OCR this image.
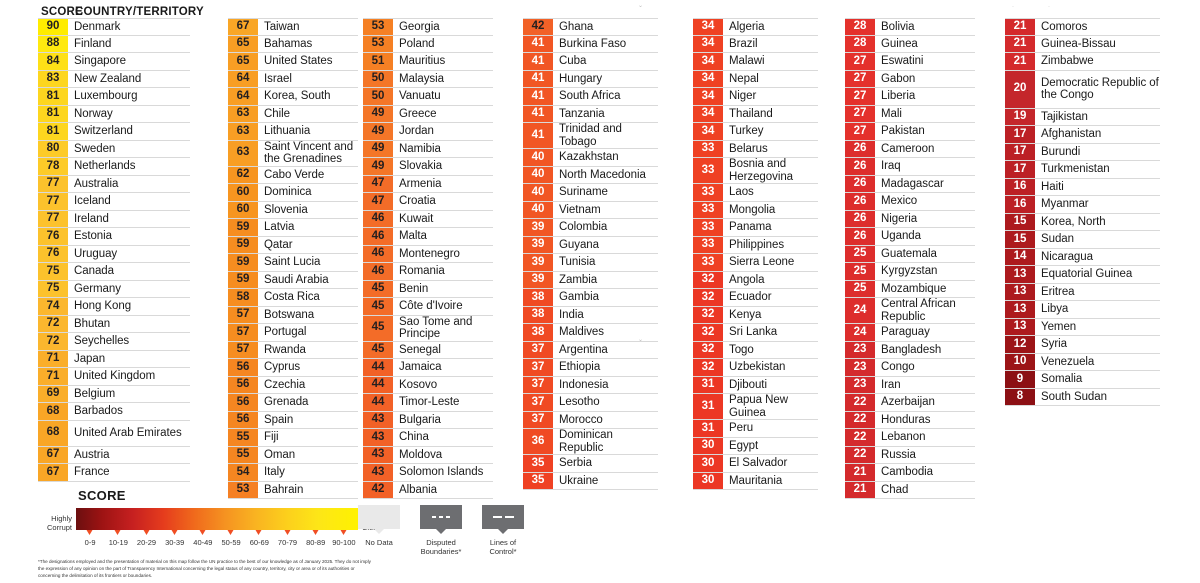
SCORE
COUNTRY/TERRITORY
90	Denmark
88	Finland
84	Singapore
83	New Zealand
81	Luxembourg
81	Norway
81	Switzerland
80	Sweden
78	Netherlands
77	Australia
77	Iceland
77	Ireland
76	Estonia
76	Uruguay
75	Canada
75	Germany
74	Hong Kong
72	Bhutan
72	Seychelles
71	Japan
71	United Kingdom
69	Belgium
68	Barbados
68	United Arab Emirates
67	Austria
67	France
67	Taiwan
65	Bahamas
65	United States
64	Israel
64	Korea, South
63	Chile
63	Lithuania
63	Saint Vincent and the Grenadines
62	Cabo Verde
60	Dominica
60	Slovenia
59	Latvia
59	Qatar
59	Saint Lucia
59	Saudi Arabia
58	Costa Rica
57	Botswana
57	Portugal
57	Rwanda
56	Cyprus
56	Czechia
56	Grenada
56	Spain
55	Fiji
55	Oman
54	Italy
53	Bahrain
53	Georgia
53	Poland
51	Mauritius
50	Malaysia
50	Vanuatu
49	Greece
49	Jordan
49	Namibia
49	Slovakia
47	Armenia
47	Croatia
46	Kuwait
46	Malta
46	Montenegro
46	Romania
45	Benin
45	Côte d'Ivoire
45	Sao Tome and Principe
45	Senegal
44	Jamaica
44	Kosovo
44	Timor-Leste
43	Bulgaria
43	China
43	Moldova
43	Solomon Islands
42	Albania
42	Ghana
41	Burkina Faso
41	Cuba
41	Hungary
41	South Africa
41	Tanzania
41	Trinidad and Tobago
40	Kazakhstan
40	North Macedonia
40	Suriname
40	Vietnam
39	Colombia
39	Guyana
39	Tunisia
39	Zambia
38	Gambia
38	India
38	Maldives
37	Argentina
37	Ethiopia
37	Indonesia
37	Lesotho
37	Morocco
36	Dominican Republic
35	Serbia
35	Ukraine
34	Algeria
34	Brazil
34	Malawi
34	Nepal
34	Niger
34	Thailand
34	Turkey
33	Belarus
33	Bosnia and Herzegovina
33	Laos
33	Mongolia
33	Panama
33	Philippines
33	Sierra Leone
32	Angola
32	Ecuador
32	Kenya
32	Sri Lanka
32	Togo
32	Uzbekistan
31	Djibouti
31	Papua New Guinea
31	Peru
30	Egypt
30	El Salvador
30	Mauritania
28	Bolivia
28	Guinea
27	Eswatini
27	Gabon
27	Liberia
27	Mali
27	Pakistan
26	Cameroon
26	Iraq
26	Madagascar
26	Mexico
26	Nigeria
26	Uganda
25	Guatemala
25	Kyrgyzstan
25	Mozambique
24	Central African Republic
24	Paraguay
23	Bangladesh
23	Congo
23	Iran
22	Azerbaijan
22	Honduras
22	Lebanon
22	Russia
21	Cambodia
21	Chad
21	Comoros
21	Guinea-Bissau
21	Zimbabwe
20	Democratic Republic of the Congo
19	Tajikistan
17	Afghanistan
17	Burundi
17	Turkmenistan
16	Haiti
16	Myanmar
15	Korea, North
15	Sudan
14	Nicaragua
13	Equatorial Guinea
13	Eritrea
13	Libya
13	Yemen
12	Syria
10	Venezuela
9	Somalia
8	South Sudan
SCORE
Highly
Corrupt
0-9 10-19 20-29 30-39 40-49 50-59 60-69 70-79 80-89 90-100	No Data	Disputed
Boundaries*
Lines of
Control*
*The designations employed and the presentation of material on this map follow the UN practice to the best of our knowledge as of January 2025. They do not imply the expression of any opinion on the part of Transparency International concerning the legal status of any country, territory, city or area or of its authorities or concerning the delimitation of its frontiers or boundaries.
⌄	·	·
⌄
